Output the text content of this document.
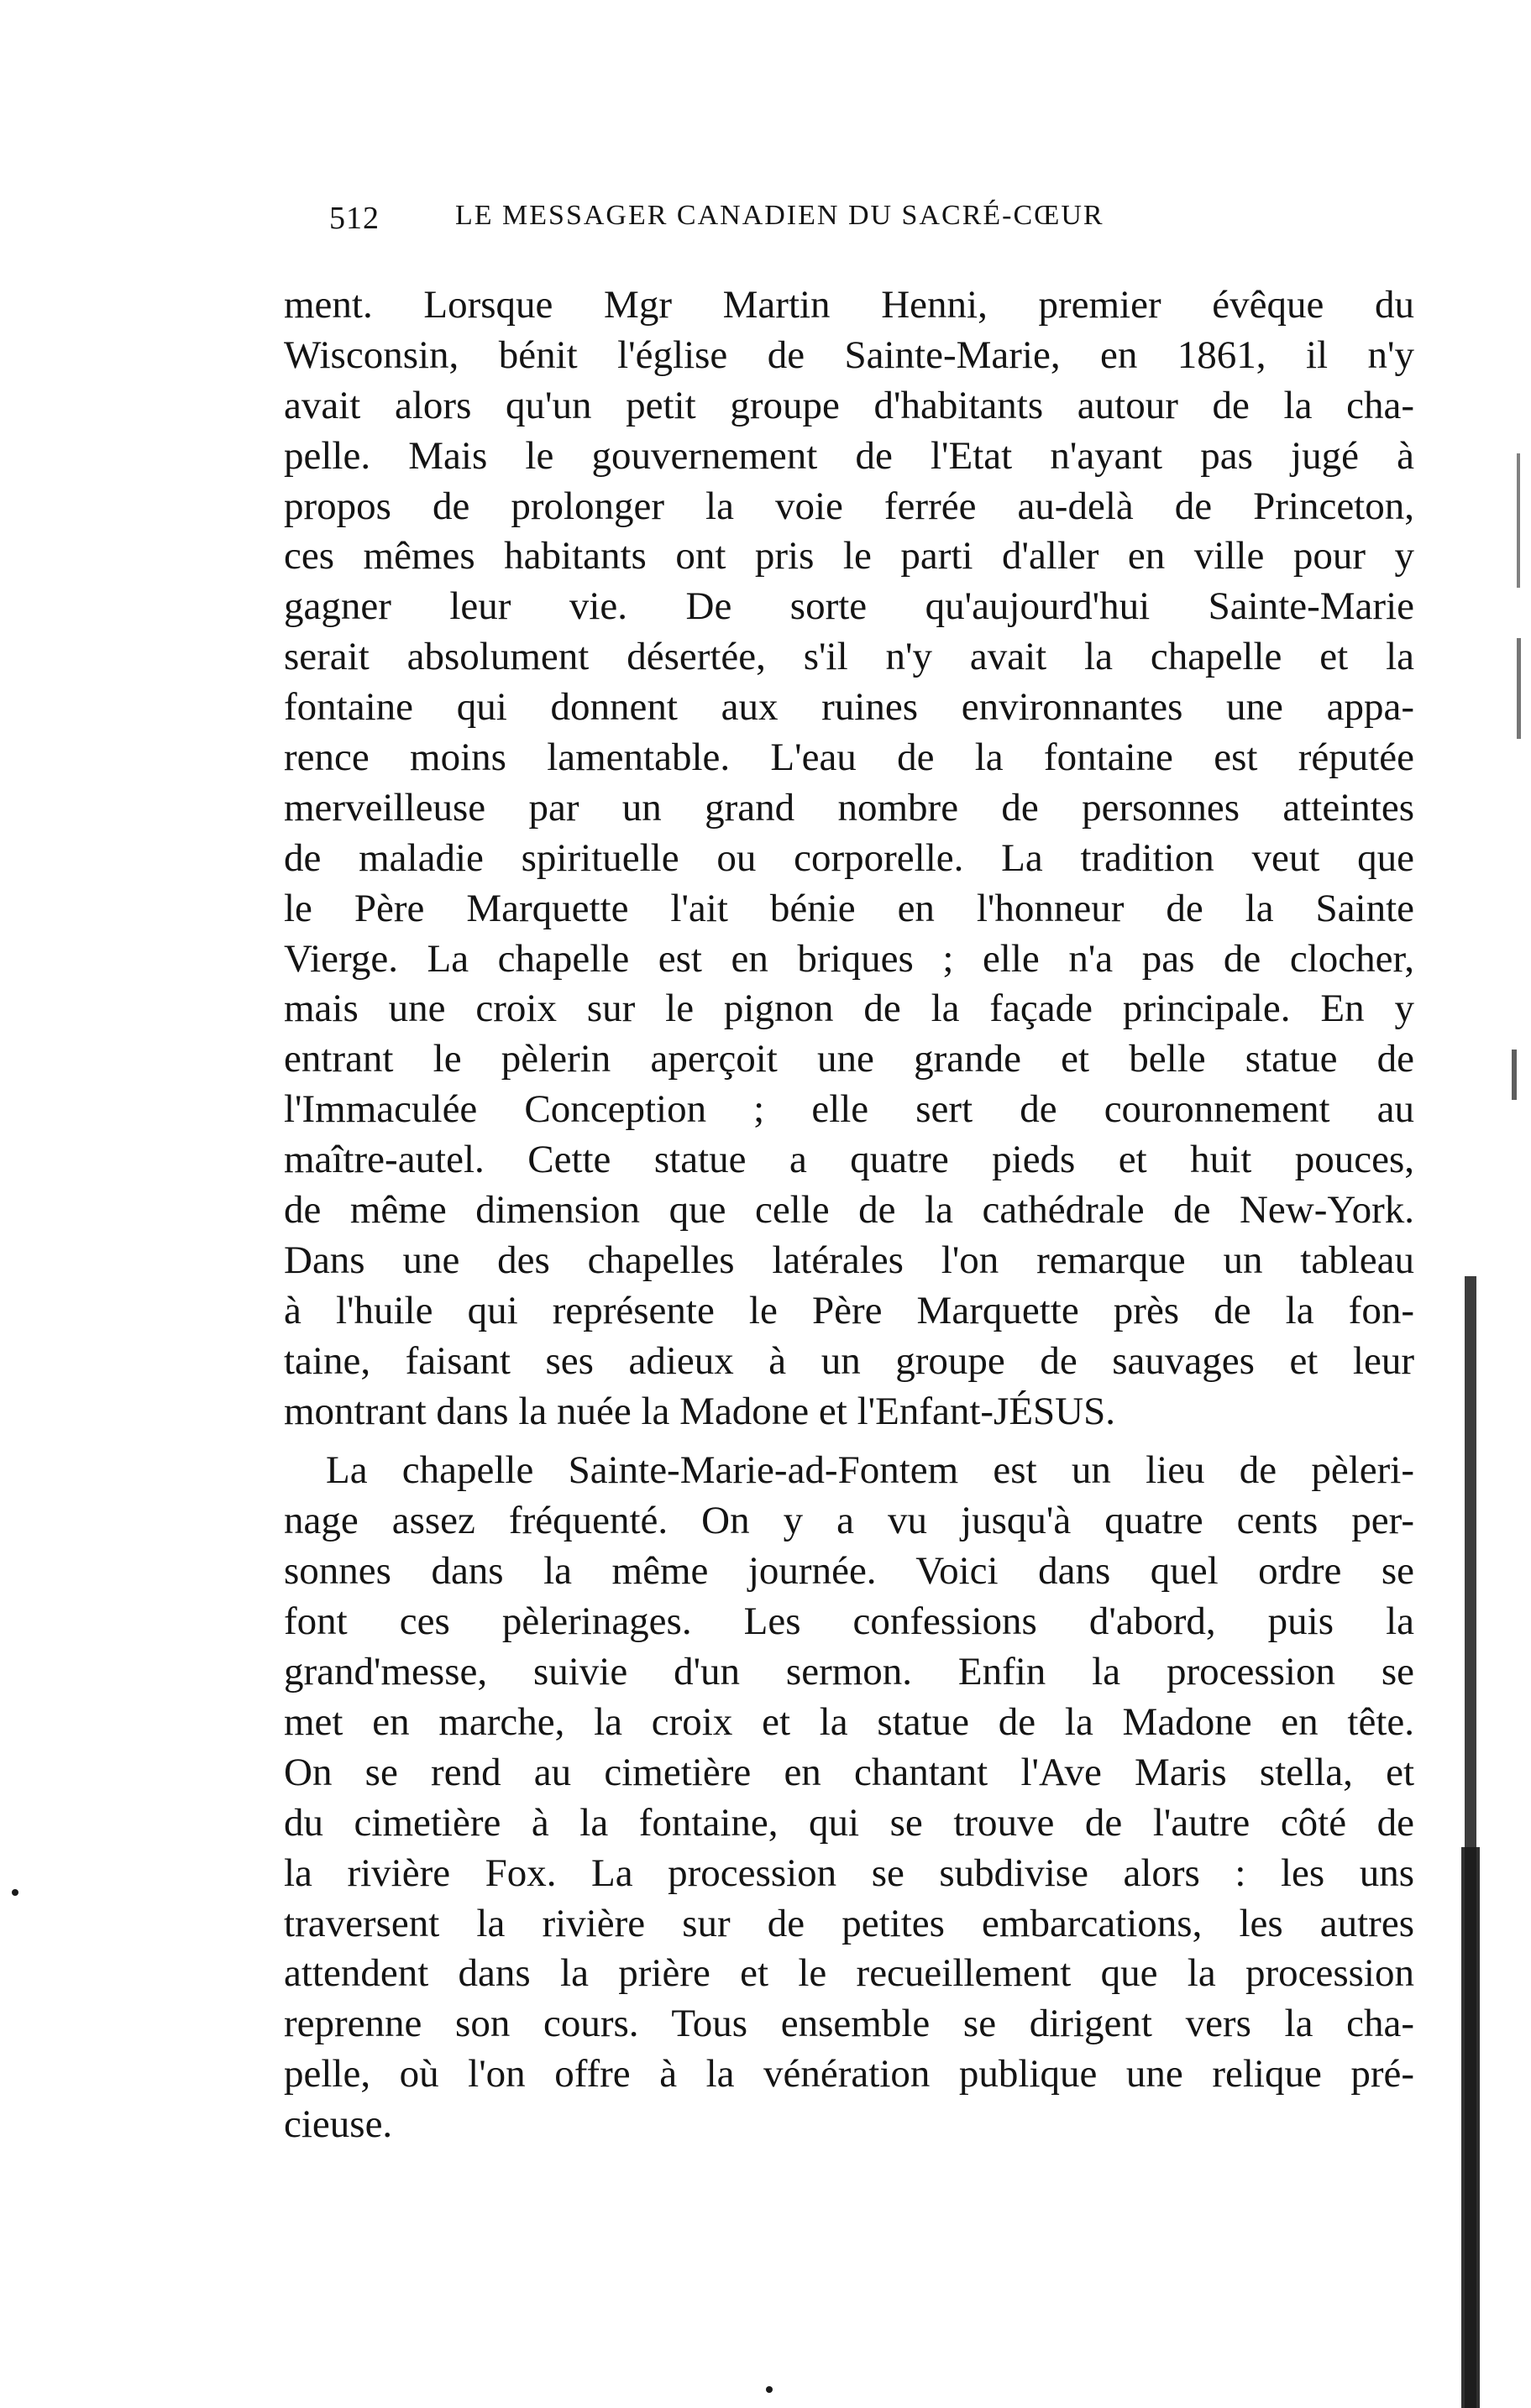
512	LE MESSAGER CANADIEN DU SACRÉ-CŒUR
ment. Lorsque Mgr Martin Henni, premier évêque du
Wisconsin, bénit l'église de Sainte-Marie, en 1861, il n'y
avait alors qu'un petit groupe d'habitants autour de la cha-
pelle. Mais le gouvernement de l'Etat n'ayant pas jugé à
propos de prolonger la voie ferrée au-delà de Princeton,
ces mêmes habitants ont pris le parti d'aller en ville pour y
gagner leur vie. De sorte qu'aujourd'hui Sainte-Marie
serait absolument désertée, s'il n'y avait la chapelle et la
fontaine qui donnent aux ruines environnantes une appa-
rence moins lamentable. L'eau de la fontaine est réputée
merveilleuse par un grand nombre de personnes atteintes
de maladie spirituelle ou corporelle. La tradition veut que
le Père Marquette l'ait bénie en l'honneur de la Sainte
Vierge. La chapelle est en briques ; elle n'a pas de clocher,
mais une croix sur le pignon de la façade principale. En y
entrant le pèlerin aperçoit une grande et belle statue de
l'Immaculée Conception ; elle sert de couronnement au
maître-autel. Cette statue a quatre pieds et huit pouces,
de même dimension que celle de la cathédrale de New-York.
Dans une des chapelles latérales l'on remarque un tableau
à l'huile qui représente le Père Marquette près de la fon-
taine, faisant ses adieux à un groupe de sauvages et leur
montrant dans la nuée la Madone et l'Enfant-JÉSUS.
La chapelle Sainte-Marie-ad-Fontem est un lieu de pèleri-
nage assez fréquenté. On y a vu jusqu'à quatre cents per-
sonnes dans la même journée. Voici dans quel ordre se
font ces pèlerinages. Les confessions d'abord, puis la
grand'messe, suivie d'un sermon. Enfin la procession se
met en marche, la croix et la statue de la Madone en tête.
On se rend au cimetière en chantant l'Ave Maris stella, et
du cimetière à la fontaine, qui se trouve de l'autre côté de
la rivière Fox. La procession se subdivise alors : les uns
traversent la rivière sur de petites embarcations, les autres
attendent dans la prière et le recueillement que la procession
reprenne son cours. Tous ensemble se dirigent vers la cha-
pelle, où l'on offre à la vénération publique une relique pré-
cieuse.
